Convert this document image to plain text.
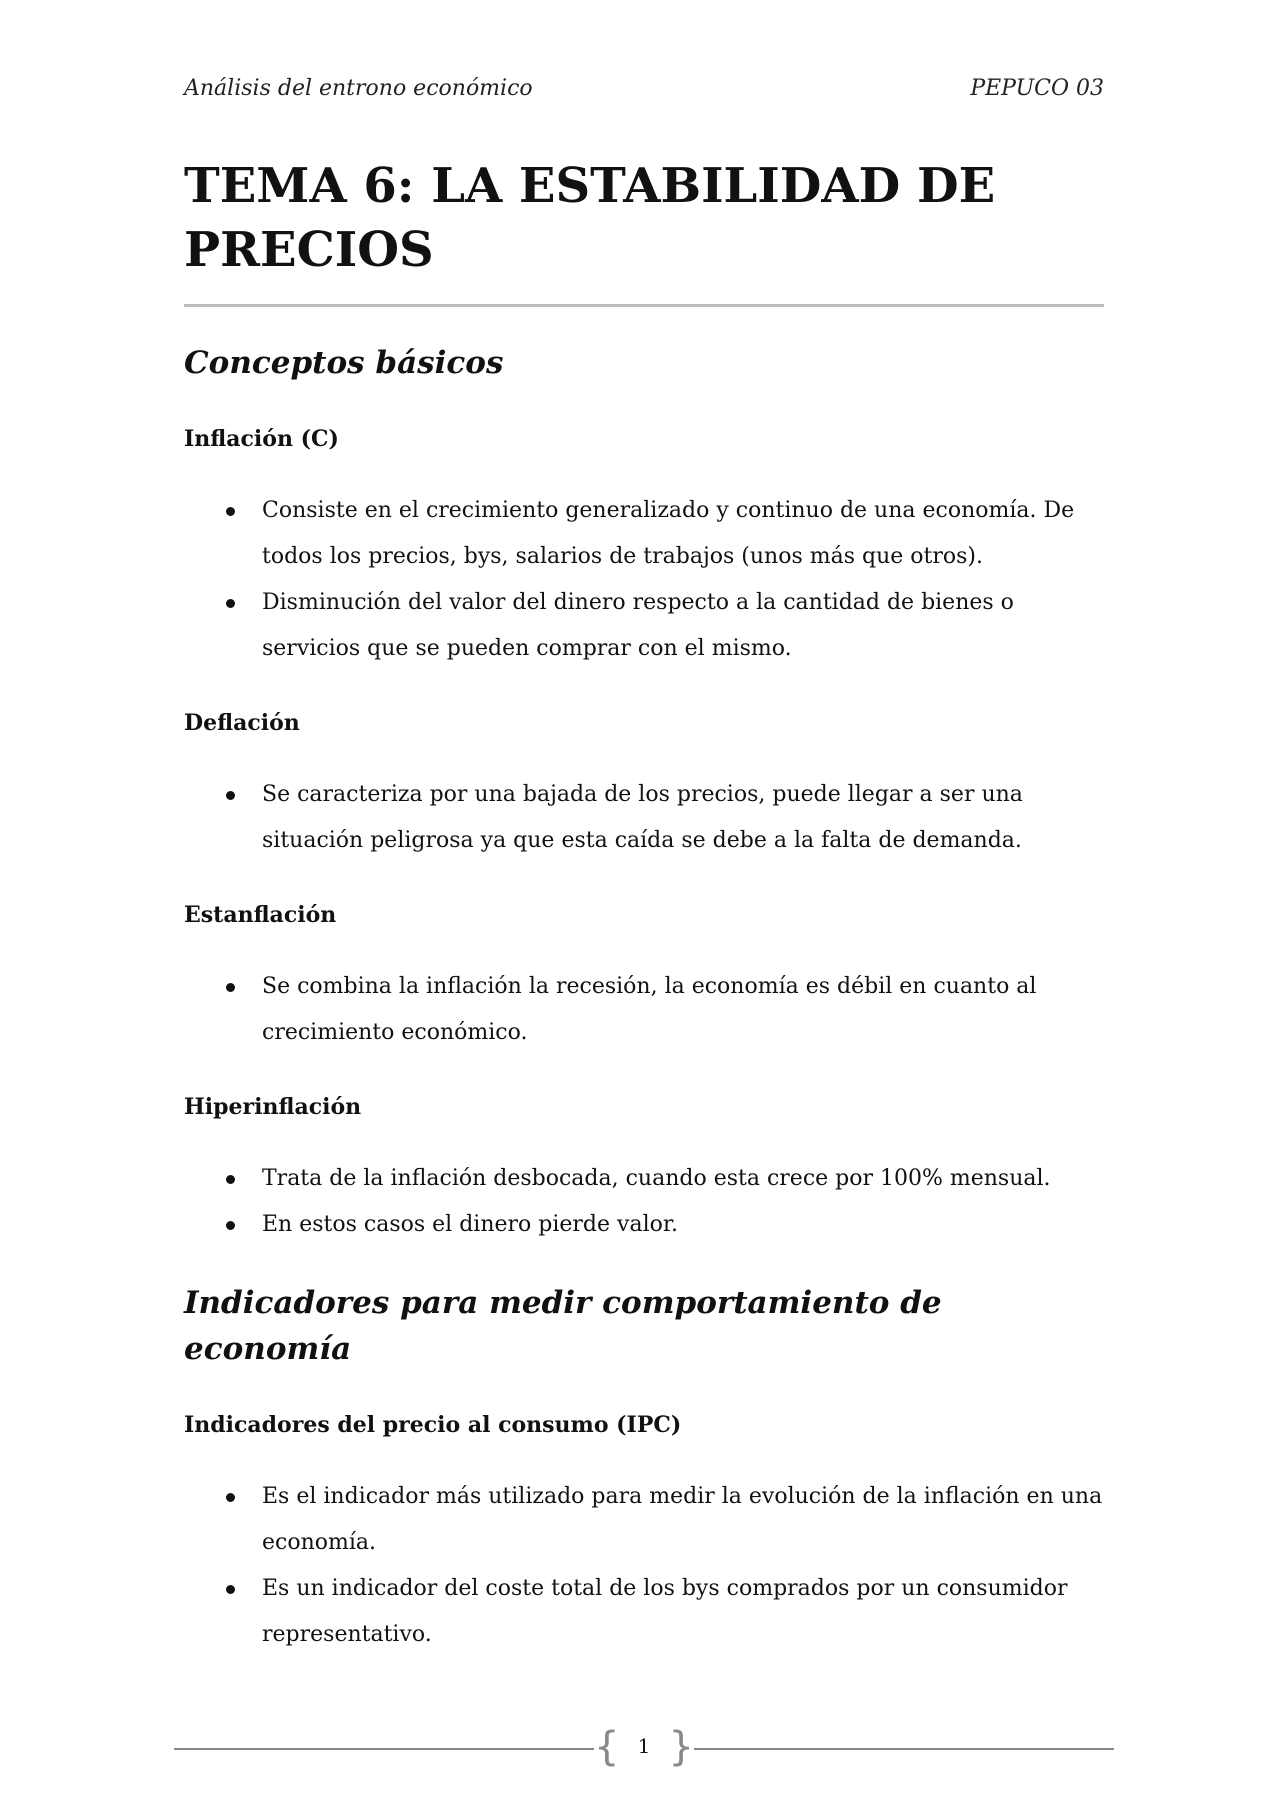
Análisis del entrono económico	PEPUCO 03
TEMA 6: LA ESTABILIDAD DE
PRECIOS
Conceptos básicos
Inflación (C)
Consiste en el crecimiento generalizado y continuo de una economía. De
todos los precios, bys, salarios de trabajos (unos más que otros).
Disminución del valor del dinero respecto a la cantidad de bienes o
servicios que se pueden comprar con el mismo.
Deflación
Se caracteriza por una bajada de los precios, puede llegar a ser una
situación peligrosa ya que esta caída se debe a la falta de demanda.
Estanflación
Se combina la inflación la recesión, la economía es débil en cuanto al
crecimiento económico.
Hiperinflación
Trata de la inflación desbocada, cuando esta crece por 100% mensual.
En estos casos el dinero pierde valor.
Indicadores para medir comportamiento de economía
Indicadores del precio al consumo (IPC)
Es el indicador más utilizado para medir la evolución de la inflación en una
economía.
Es un indicador del coste total de los bys comprados por un consumidor
representativo.
{ }
1
